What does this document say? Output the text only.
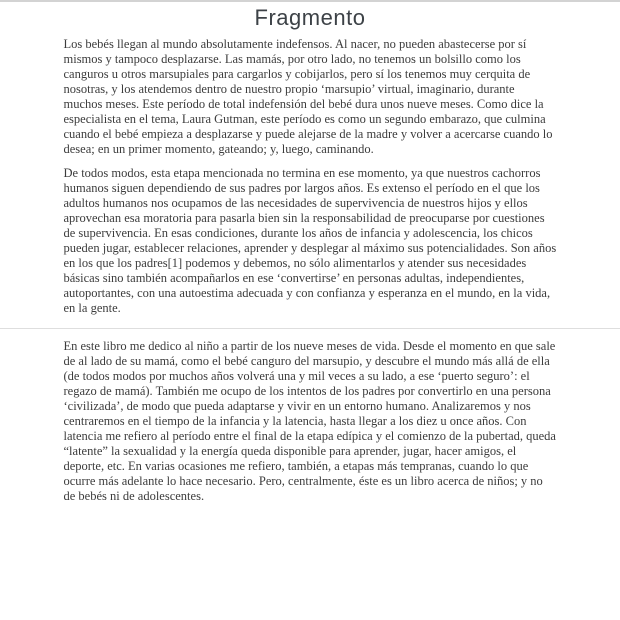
Fragmento

Los bebés llegan al mundo absolutamente indefensos. Al nacer, no pueden abastecerse por sí mismos y tampoco desplazarse. Las mamás, por otro lado, no tenemos un bolsillo como los canguros u otros marsupiales para cargarlos y cobijarlos, pero sí los tenemos muy cerquita de nosotras, y los atendemos dentro de nuestro propio ‘marsupio’ virtual, imaginario, durante muchos meses. Este período de total indefensión del bebé dura unos nueve meses. Como dice la especialista en el tema, Laura Gutman, este período es como un segundo embarazo, que culmina cuando el bebé empieza a desplazarse y puede alejarse de la madre y volver a acercarse cuando lo desea; en un primer momento, gateando; y, luego, caminando.

De todos modos, esta etapa mencionada no termina en ese momento, ya que nuestros cachorros humanos siguen dependiendo de sus padres por largos años. Es extenso el período en el que los adultos humanos nos ocupamos de las necesidades de supervivencia de nuestros hijos y ellos aprovechan esa moratoria para pasarla bien sin la responsabilidad de preocuparse por cuestiones de supervivencia. En esas condiciones, durante los años de infancia y adolescencia, los chicos pueden jugar, establecer relaciones, aprender y desplegar al máximo sus potencialidades. Son años en los que los padres[1] podemos y debemos, no sólo alimentarlos y atender sus necesidades básicas sino también acompañarlos en ese ‘convertirse’ en personas adultas, independientes, autoportantes, con una autoestima adecuada y con confianza y esperanza en el mundo, en la vida, en la gente.

En este libro me dedico al niño a partir de los nueve meses de vida. Desde el momento en que sale de al lado de su mamá, como el bebé canguro del marsupio, y descubre el mundo más allá de ella (de todos modos por muchos años volverá una y mil veces a su lado, a ese ‘puerto seguro’: el regazo de mamá). También me ocupo de los intentos de los padres por convertirlo en una persona ‘civilizada’, de modo que pueda adaptarse y vivir en un entorno humano. Analizaremos y nos centraremos en el tiempo de la infancia y la latencia, hasta llegar a los diez u once años. Con latencia me refiero al período entre el final de la etapa edípica y el comienzo de la pubertad, queda “latente” la sexualidad y la energía queda disponible para aprender, jugar, hacer amigos, el deporte, etc. En varias ocasiones me refiero, también, a etapas más tempranas, cuando lo que ocurre más adelante lo hace necesario. Pero, centralmente, éste es un libro acerca de niños; y no de bebés ni de adolescentes.
